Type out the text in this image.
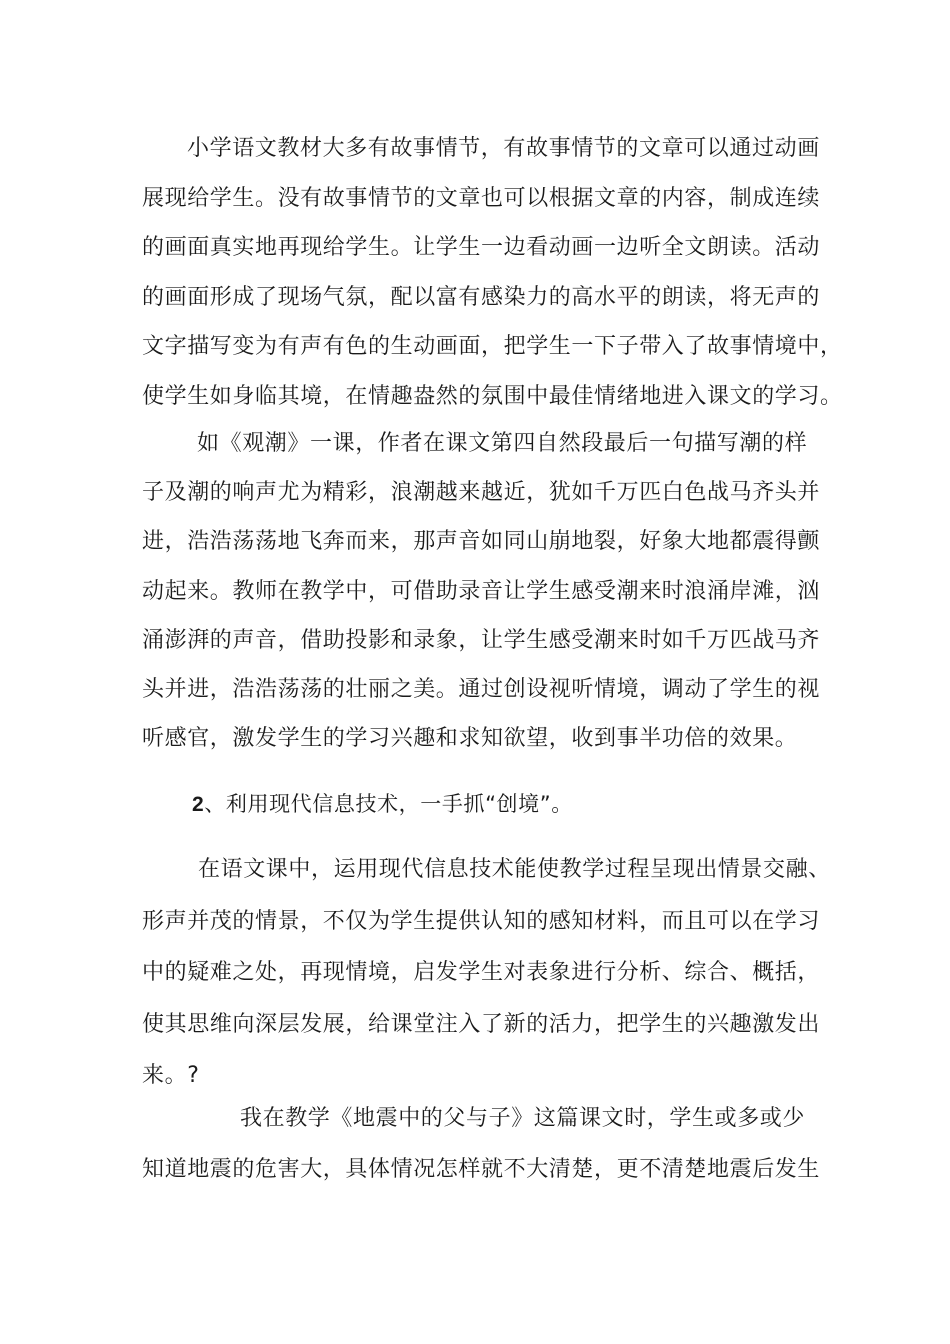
小学语文教材大多有故事情节，有故事情节的文章可以通过动画
展现给学生。没有故事情节的文章也可以根据文章的内容，制成连续
的画面真实地再现给学生。让学生一边看动画一边听全文朗读。活动
的画面形成了现场气氛，配以富有感染力的高水平的朗读，将无声的
文字描写变为有声有色的生动画面，把学生一下子带入了故事情境中，
使学生如身临其境，在情趣盎然的氛围中最佳情绪地进入课文的学习。
如《观潮》一课，作者在课文第四自然段最后一句描写潮的样
子及潮的响声尤为精彩，浪潮越来越近，犹如千万匹白色战马齐头并
进，浩浩荡荡地飞奔而来，那声音如同山崩地裂，好象大地都震得颤
动起来。教师在教学中，可借助录音让学生感受潮来时浪涌岸滩，汹
涌澎湃的声音，借助投影和录象，让学生感受潮来时如千万匹战马齐
头并进，浩浩荡荡的壮丽之美。通过创设视听情境，调动了学生的视
听感官，激发学生的学习兴趣和求知欲望，收到事半功倍的效果。
2、利用现代信息技术，一手抓“创境”。
在语文课中，运用现代信息技术能使教学过程呈现出情景交融、
形声并茂的情景，不仅为学生提供认知的感知材料，而且可以在学习
中的疑难之处，再现情境，启发学生对表象进行分析、综合、概括，
使其思维向深层发展，给课堂注入了新的活力，把学生的兴趣激发出
来。?
我在教学《地震中的父与子》这篇课文时，学生或多或少
知道地震的危害大，具体情况怎样就不大清楚，更不清楚地震后发生
